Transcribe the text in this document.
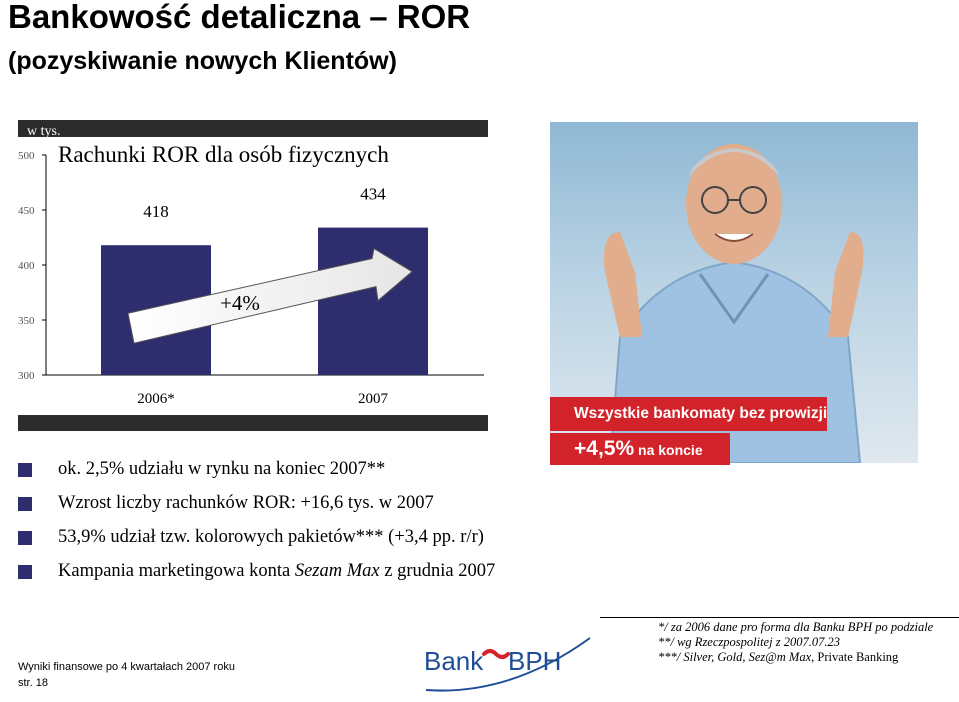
Bankowość detaliczna – ROR
(pozyskiwanie nowych Klientów)
w tys.
Rachunki ROR dla osób fizycznych
300
350
400
450
500
418
2006*
434
2007
+4%
ok. 2,5% udziału w rynku na koniec 2007**
Wzrost liczby rachunków ROR: +16,6 tys. w 2007
53,9% udział tzw. kolorowych pakietów*** (+3,4 pp. r/r)
Kampania marketingowa konta Sezam Max z grudnia 2007
Wszystkie bankomaty bez prowizji
+4,5% na koncie
Wyniki finansowe po 4 kwartałach 2007 roku
str. 18
Bank BPH
*/ za 2006 dane pro forma dla Banku BPH po podziale
**/ wg Rzeczpospolitej z 2007.07.23
***/ Silver, Gold, Sez@m Max, Private Banking
